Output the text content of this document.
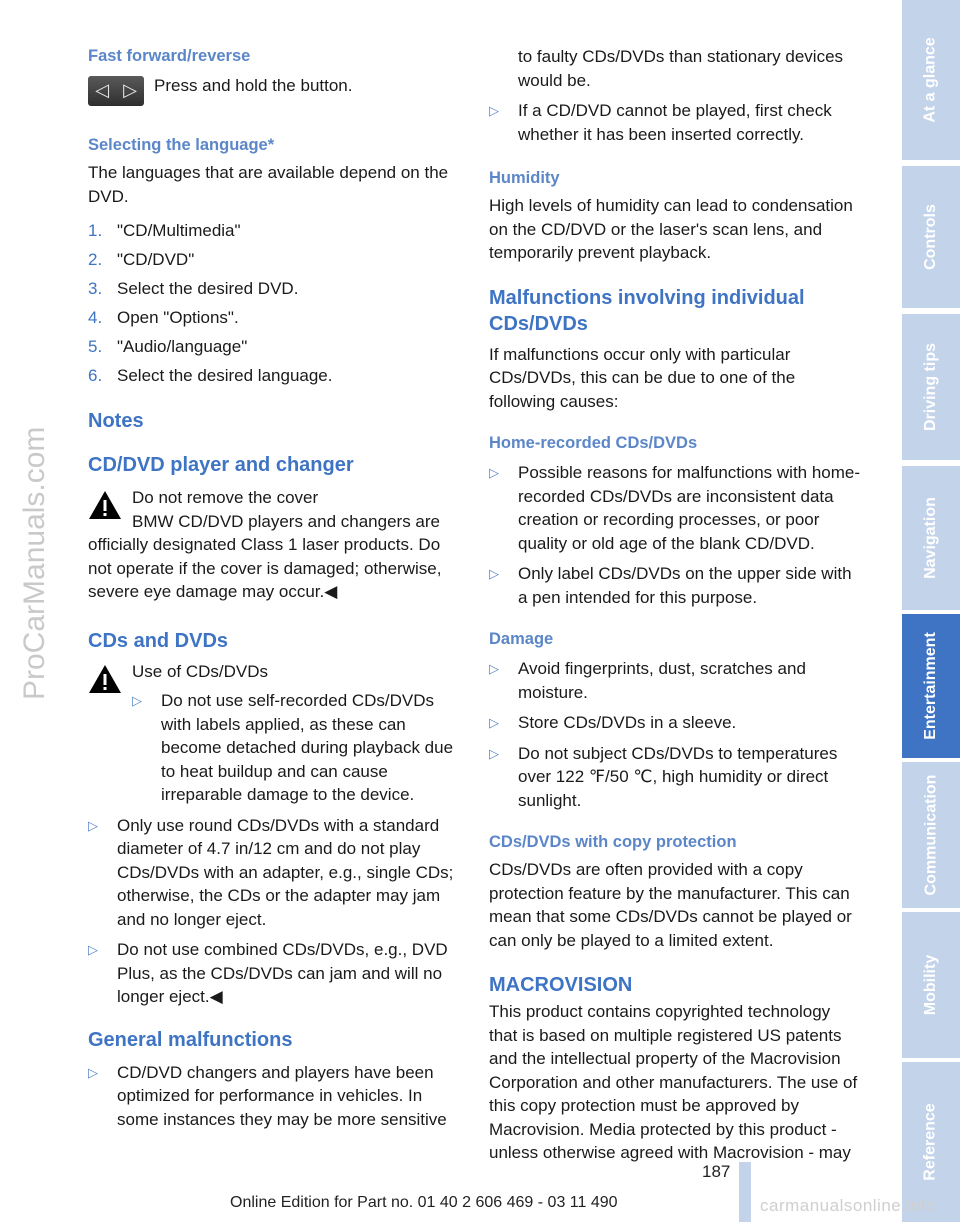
Fast forward/reverse
◁ ▷ Press and hold the button.

Selecting the language*

The languages that are available depend on the DVD.

1. "CD/Multimedia"
2. "CD/DVD"
3. Select the desired DVD.
4. Open "Options".
5. "Audio/language"
6. Select the desired language.
Notes
CD/DVD player and changer

Do not remove the cover

BMW CD/DVD players and changers are officially designated Class 1 laser products. Do not operate if the cover is damaged; otherwise, severe eye damage may occur.◀

CDs and DVDs

Use of CDs/DVDs

▷ Do not use self-recorded CDs/DVDs with labels applied, as these can become detached during playback due to heat buildup and can cause irreparable damage to the device.
▷ Only use round CDs/DVDs with a standard diameter of 4.7 in/12 cm and do not play CDs/DVDs with an adapter, e.g., single CDs; otherwise, the CDs or the adapter may jam and no longer eject.
▷ Do not use combined CDs/DVDs, e.g., DVD Plus, as the CDs/DVDs can jam and will no longer eject.◀
General malfunctions
▷ CD/DVD changers and players have been optimized for performance in vehicles. In some instances they may be more sensitive

to faulty CDs/DVDs than stationary devices would be.

▷ If a CD/DVD cannot be played, first check whether it has been inserted correctly.
Humidity

High levels of humidity can lead to condensation on the CD/DVD or the laser's scan lens, and temporarily prevent playback.

Malfunctions involving individual CDs/DVDs

If malfunctions occur only with particular CDs/DVDs, this can be due to one of the following causes:

Home-recorded CDs/DVDs
▷ Possible reasons for malfunctions with home-recorded CDs/DVDs are inconsistent data creation or recording processes, or poor quality or old age of the blank CD/DVD.
▷ Only label CDs/DVDs on the upper side with a pen intended for this purpose.
Damage
▷ Avoid fingerprints, dust, scratches and moisture.
▷ Store CDs/DVDs in a sleeve.
▷ Do not subject CDs/DVDs to temperatures over 122 ℉/50 ℃, high humidity or direct sunlight.
CDs/DVDs with copy protection

CDs/DVDs are often provided with a copy protection feature by the manufacturer. This can mean that some CDs/DVDs cannot be played or can only be played to a limited extent.

MACROVISION

This product contains copyrighted technology that is based on multiple registered US patents and the intellectual property of the Macrovision Corporation and other manufacturers. The use of this copy protection must be approved by Macrovision. Media protected by this product - unless otherwise agreed with Macrovision - may

At a glance
Controls
Driving tips
Navigation
Entertainment
Communication
Mobility
Reference
ProCarManuals.com
187
Online Edition for Part no. 01 40 2 606 469 - 03 11 490	carmanualsonline.info
